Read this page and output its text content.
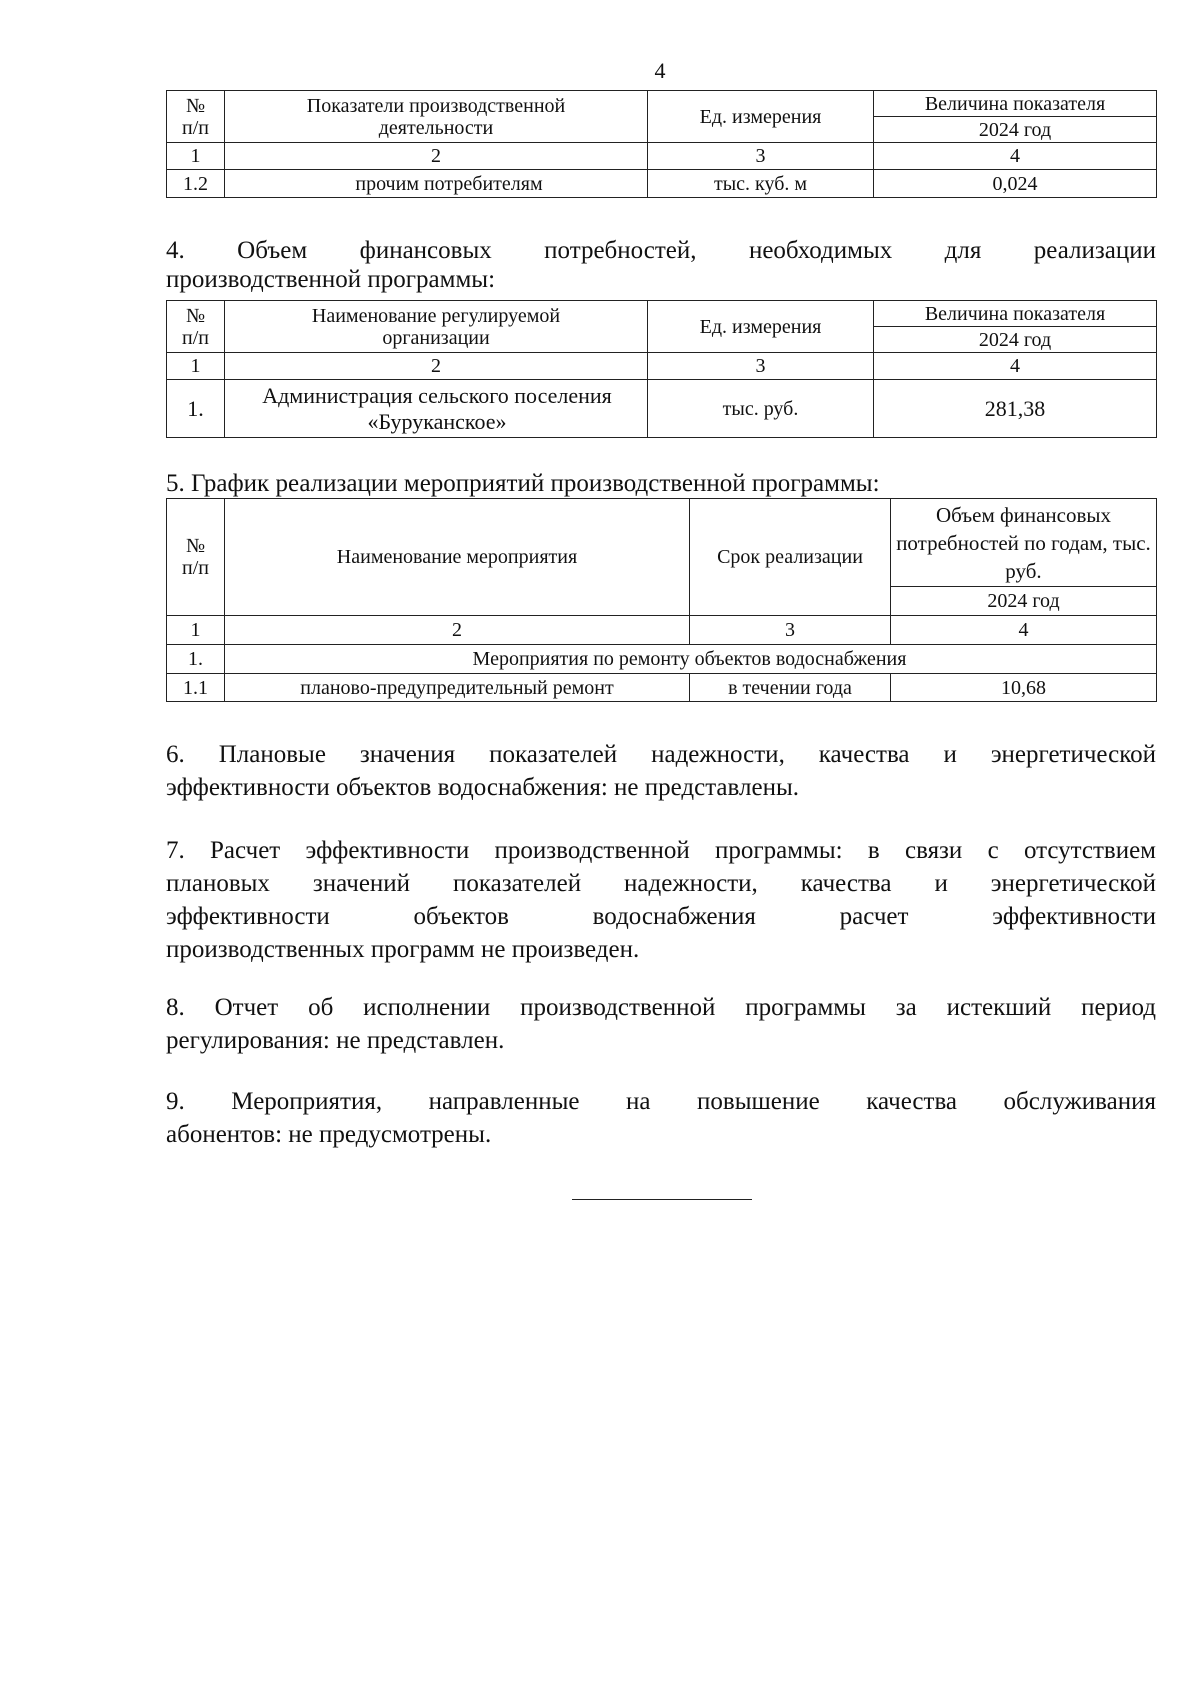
4
№
п/п	Показатели производственной деятельности	Ед. измерения	Величина показателя
			2024 год
1	2	3	4
1.2	прочим потребителям	тыс. куб. м	0,024
4. Объем финансовых потребностей, необходимых для реализации
производственной программы:
№
п/п	Наименование регулируемой организации	Ед. измерения	Величина показателя
			2024 год
1	2	3	4
1.	Администрация сельского поселения «Буруканское»	тыс. руб.	281,38
5. График реализации мероприятий производственной программы:
№
п/п	Наименование мероприятия	Срок реализации	Объем финансовых потребностей по годам, тыс. руб.
			2024 год
1	2	3	4
1.	Мероприятия по ремонту объектов водоснабжения		
1.1	планово-предупредительный ремонт	в течении года	10,68
6. Плановые значения показателей надежности, качества и энергетической
эффективности объектов водоснабжения: не представлены.
7. Расчет эффективности производственной программы: в связи с отсутствием
плановых значений показателей надежности, качества и энергетической
эффективности объектов водоснабжения расчет эффективности
производственных программ не произведен.
8. Отчет об исполнении производственной программы за истекший период
регулирования: не представлен.
9. Мероприятия, направленные на повышение качества обслуживания
абонентов: не предусмотрены.
